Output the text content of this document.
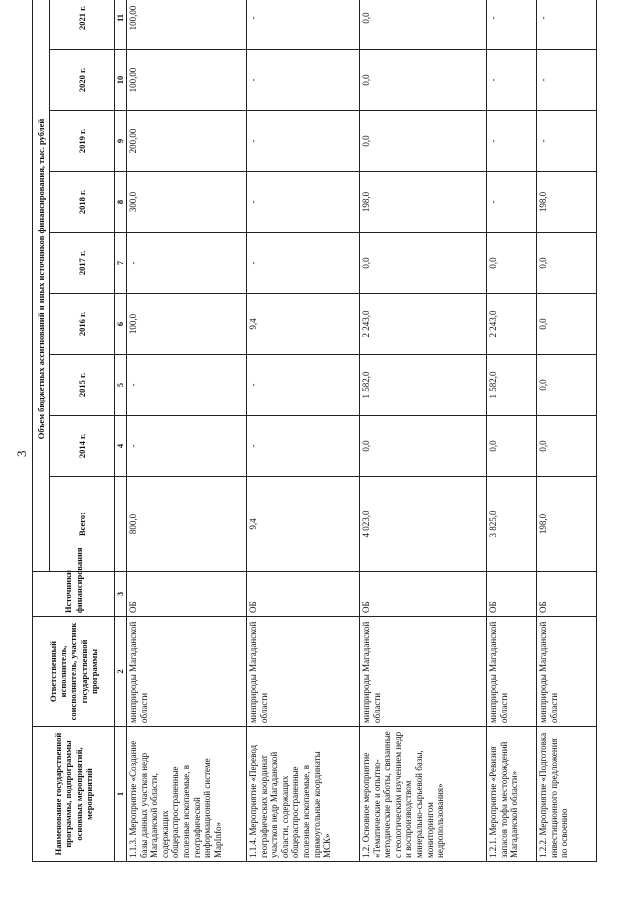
3
Наименование государственной программы, подпрограммы основных мероприятий, мероприятий	Ответственный исполнитель, соисполнитель, участник государственной программы	Источники финансирования	Объем бюджетных ассигнований и иных источников финансирования, тыс. рублей								
			Всего:	2014 г.	2015 г.	2016 г.	2017 г.	2018 г.	2019 г.	2020 г.	2021 г.
1	2	3		4	5	6	7	8	9	10	11
1.1.3. Мероприятие «Создание базы данных участков недр Магаданской области, содержащих общераспространенные полезные ископаемые, в географической информационной системе MapInfo»	минприроды Магаданской области	ОБ	800,0	-	-	100,0	-	300,0	200,00	100,00	100,00
1.1.4. Мероприятие «Перевод географических координат участков недр Магаданской области, содержащих общераспространенные полезные ископаемые, в прямоугольные координаты МСК»	минприроды Магаданской области	ОБ	9,4	-	-	9,4	-	-	-	-	-
1.2. Основное мероприятие «Тематические и опытно-методические работы, связанные с геологическим изучением недр и воспроизводством минерально-сырьевой базы, мониторингом недропользования»	минприроды Магаданской области	ОБ	4 023,0	0,0	1 582,0	2 243,0	0,0	198,0	0,0	0,0	0,0
1.2.1. Мероприятие «Ревизия запасов торфа месторождений Магаданской области»	минприроды Магаданской области	ОБ	3 825,0	0,0	1 582,0	2 243,0	0,0	-	-	-	-
1.2.2. Мероприятие «Подготовка инвестиционного предложения по освоению	минприроды Магаданской области	ОБ	198,0	0,0	0,0	0,0	0,0	198,0	-	-	-
